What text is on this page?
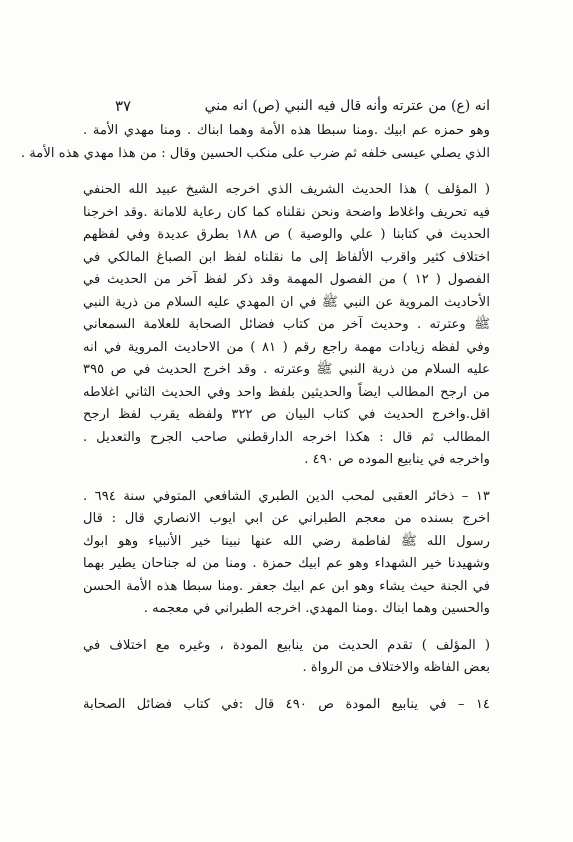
انه (ع) من عترته وأنه قال فيه النبي (ص) انه مني
٣٧
وهو حمزه عم ابيك .ومنا سبطا هذه الأمة وهما ابناك . ومنا مهدي الأمة .
الذي يصلي عيسى خلفه ثم ضرب على منكب الحسين وقال : من هذا مهدي هذه الأمة .
( المؤلف ) هذا الحديث الشريف الذي اخرجه الشيخ عبيد الله الحنفي
فيه تحريف واغلاط واضحة ونحن نقلناه كما كان رعاية للامانة .وقد اخرجنا
الحديث في كتابنا ( علي والوصية ) ص ١٨٨ بطرق عديدة وفي لفظهم
اختلاف كثير واقرب الألفاظ إلى ما نقلناه لفظ ابن الصباغ المالكي في
الفصول ( ١٢ ) من الفصول المهمة وقد ذكر لفظ آخر من الحديث في
الأحاديث المروية عن النبي ﷺ في ان المهدي عليه السلام من ذرية النبي
ﷺ وعترته . وحديث آخر من كتاب فضائل الصحابة للعلامة السمعاني
وفي لفظه زيادات مهمة راجع رقم ( ٨١ ) من الاحاديث المروية في انه
عليه السلام من ذرية النبي ﷺ وعترته . وقد اخرج الحديث في ص ٣٩٥
من ارجح المطالب ايضاً والحديثين بلفظ واحد وفي الحديث الثاني اغلاطه
اقل.واخرج الحديث في كتاب البيان ص ٣٢٢ ولفظه يقرب لفظ ارجح
المطالب ثم قال : هكذا اخرجه الدارقطني صاحب الجرح والتعديل .
واخرجه في ينابيع الموده ص ٤٩٠ .
١٣ – ذخائر العقبى لمحب الدين الطبري الشافعي المتوفي سنة ٦٩٤ .
اخرج بسنده من معجم الطبراني عن ابي ايوب الانصاري قال : قال
رسول الله ﷺ لفاطمة رضي الله عنها نبينا خير الأنبياء وهو ابوك
وشهيدنا خير الشهداء وهو عم ابيك حمزة . ومنا من له جناحان يطير بهما
في الجنة حيث يشاء وهو ابن عم ابيك جعفر .ومنا سبطا هذه الأمة الحسن
والحسين وهما ابناك .ومنا المهدي. اخرجه الطبراني في معجمه .
( المؤلف ) تقدم الحديث من ينابيع المودة ، وغيره مع اختلاف في
بعض الفاظه والاختلاف من الرواة .
١٤ – في ينابيع المودة ص ٤٩٠ قال :في كتاب فضائل الصحابة
